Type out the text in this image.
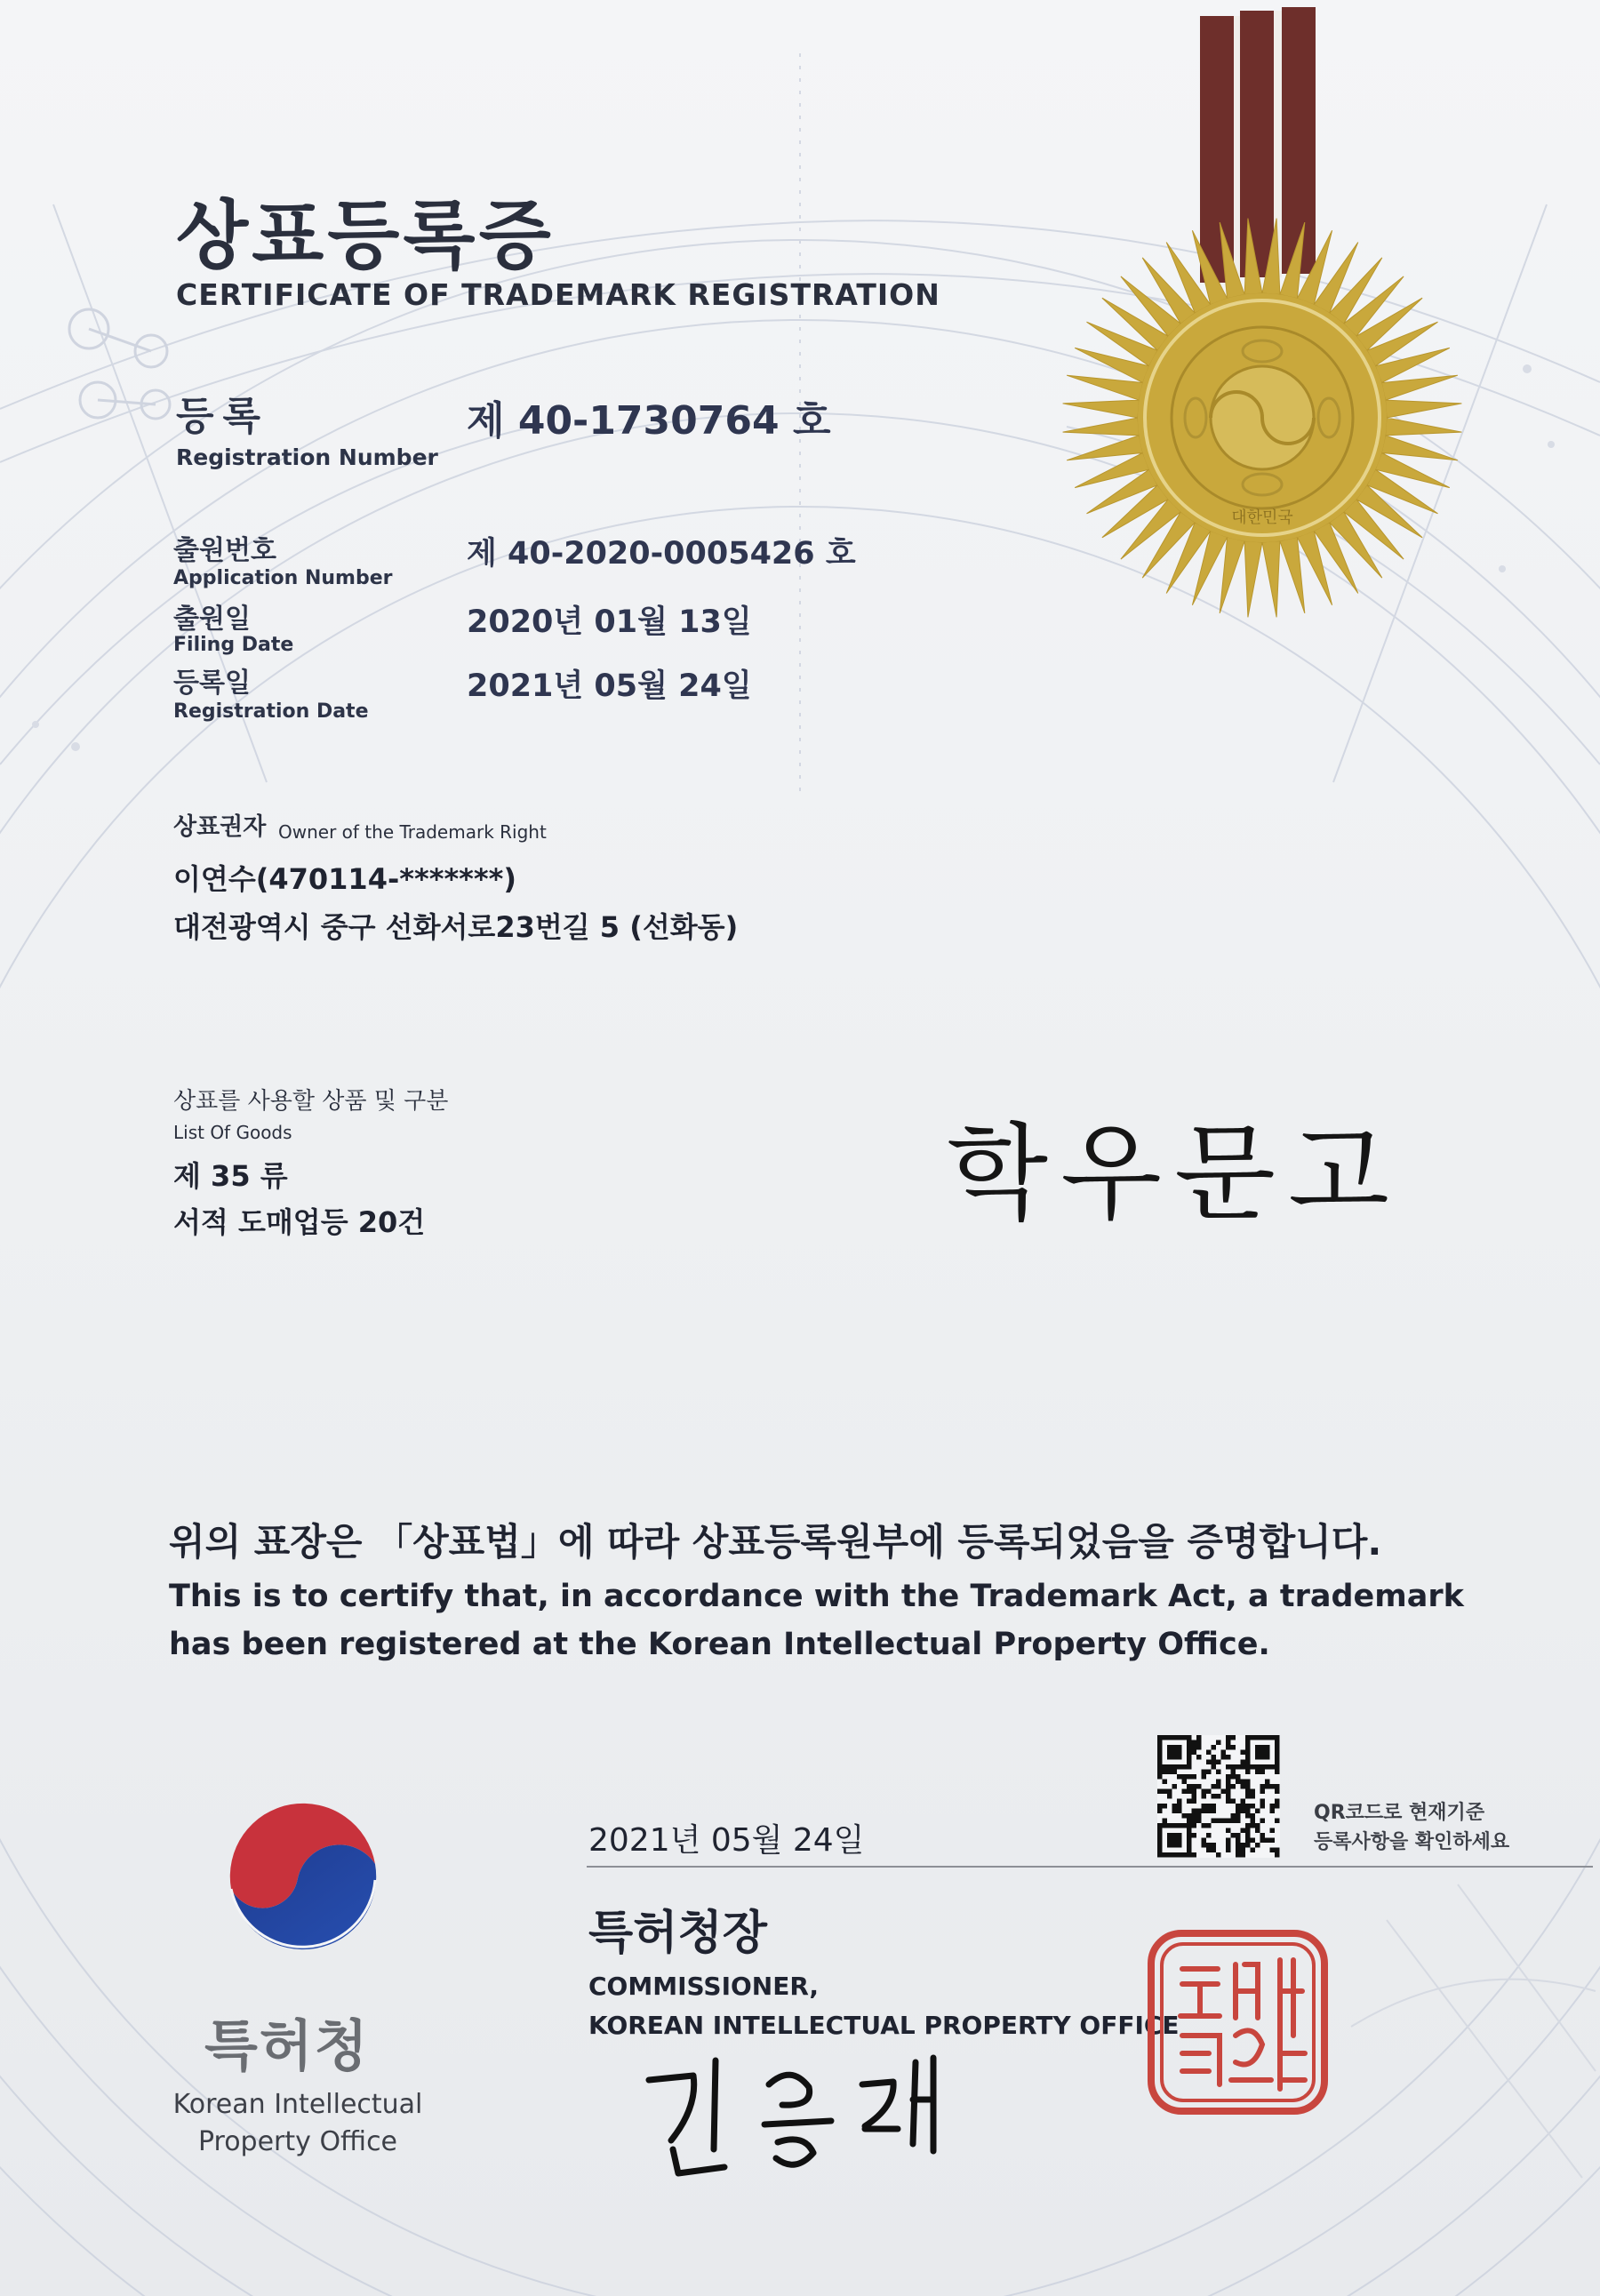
대한민국
상표등록증
CERTIFICATE OF TRADEMARK REGISTRATION
등록
Registration Number
제 40-1730764 호
출원번호
Application Number
제 40-2020-0005426 호
출원일
Filing Date
2020년 01월 13일
등록일
Registration Date
2021년 05월 24일
상표권자 Owner of the Trademark Right
이연수(470114-*******)
대전광역시 중구 선화서로23번길 5 (선화동)
상표를 사용할 상품 및 구분
List Of Goods
제 35 류
서적 도매업등 20건	학우문고
위의 표장은 「상표법」에 따라 상표등록원부에 등록되었음을 증명합니다.
This is to certify that, in accordance with the Trademark Act, a trademark
has been registered at the Korean Intellectual Property Office.
QR코드로 현재기준
등록사항을 확인하세요
2021년 05월 24일
특허청장
COMMISSIONER,
KOREAN INTELLECTUAL PROPERTY OFFICE
특허청장인
특허청
Korean Intellectual
Property Office
